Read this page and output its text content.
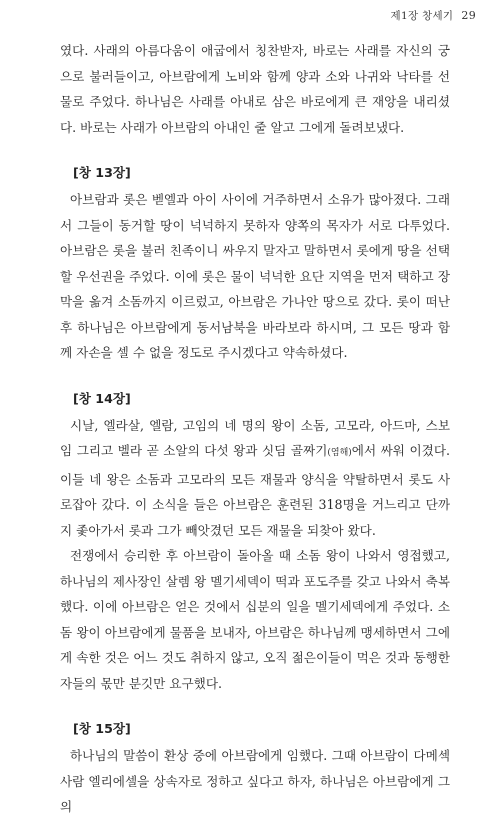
제1장 창세기 29

였다. 사래의 아름다움이 애굽에서 칭찬받자, 바로는 사래를 자신의 궁으로 불러들이고, 아브람에게 노비와 함께 양과 소와 나귀와 낙타를 선물로 주었다. 하나님은 사래를 아내로 삼은 바로에게 큰 재앙을 내리셨다. 바로는 사래가 아브람의 아내인 줄 알고 그에게 돌려보냈다.

[창 13장]

아브람과 롯은 벧엘과 아이 사이에 거주하면서 소유가 많아졌다. 그래서 그들이 동거할 땅이 넉넉하지 못하자 양쪽의 목자가 서로 다투었다. 아브람은 롯을 불러 친족이니 싸우지 말자고 말하면서 롯에게 땅을 선택할 우선권을 주었다. 이에 롯은 물이 넉넉한 요단 지역을 먼저 택하고 장막을 옮겨 소돔까지 이르렀고, 아브람은 가나안 땅으로 갔다. 롯이 떠난 후 하나님은 아브람에게 동서남북을 바라보라 하시며, 그 모든 땅과 함께 자손을 셀 수 없을 정도로 주시겠다고 약속하셨다.

[창 14장]

시날, 엘라살, 엘람, 고임의 네 명의 왕이 소돔, 고모라, 아드마, 스보임 그리고 벨라 곧 소알의 다섯 왕과 싯딤 골짜기(염해)에서 싸워 이겼다. 이들 네 왕은 소돔과 고모라의 모든 재물과 양식을 약탈하면서 롯도 사로잡아 갔다. 이 소식을 들은 아브람은 훈련된 318명을 거느리고 단까지 좇아가서 롯과 그가 빼앗겼던 모든 재물을 되찾아 왔다.

전쟁에서 승리한 후 아브람이 돌아올 때 소돔 왕이 나와서 영접했고, 하나님의 제사장인 살렘 왕 멜기세덱이 떡과 포도주를 갖고 나와서 축복했다. 이에 아브람은 얻은 것에서 십분의 일을 멜기세덱에게 주었다. 소돔 왕이 아브람에게 물품을 보내자, 아브람은 하나님께 맹세하면서 그에게 속한 것은 어느 것도 취하지 않고, 오직 젊은이들이 먹은 것과 동행한 자들의 몫만 분깃만 요구했다.

[창 15장]

하나님의 말씀이 환상 중에 아브람에게 임했다. 그때 아브람이 다메섹 사람 엘리에셀을 상속자로 정하고 싶다고 하자, 하나님은 아브람에게 그의
